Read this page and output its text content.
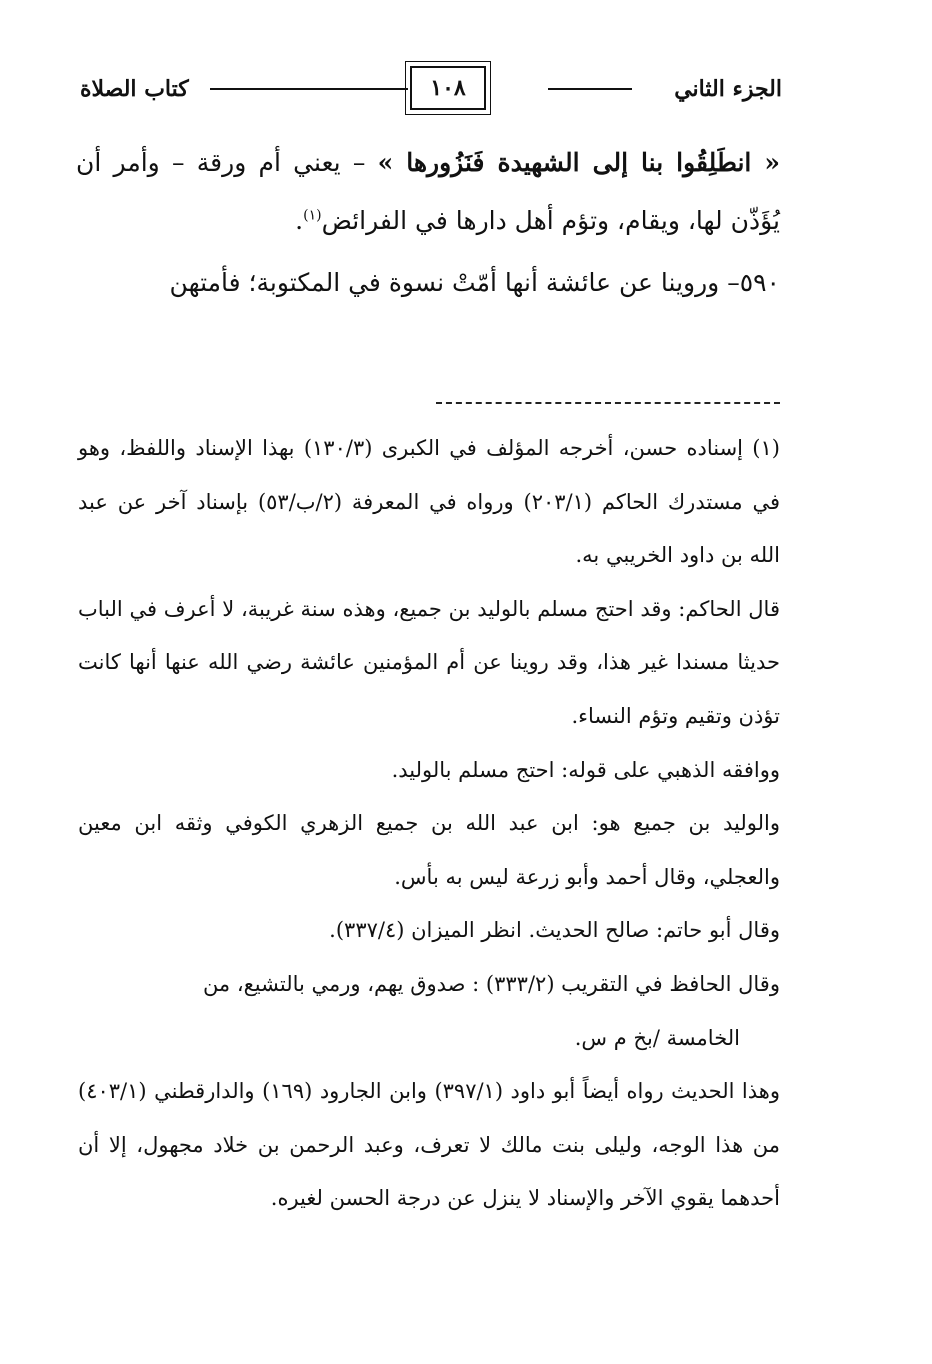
الجزء الثاني
١٠٨
كتاب الصلاة

« انطَلِقُوا بنا إلى الشهيدة فَنَزُورها » – يعني أم ورقة – وأمر أن يُؤَذّن لها، ويقام، وتؤم أهل دارها في الفرائض$^{(١)}$.

٥٩٠– وروينا عن عائشة أنها أمّتْ نسوة في المكتوبة؛ فأمتهن

(١) إسناده حسن، أخرجه المؤلف في الكبرى (١٣٠/٣) بهذا الإسناد واللفظ، وهو في مستدرك الحاكم (٢٠٣/١) ورواه في المعرفة (٢/ب/٥٣) بإسناد آخر عن عبد الله بن داود الخريبي به.

قال الحاكم: وقد احتج مسلم بالوليد بن جميع، وهذه سنة غريبة، لا أعرف في الباب حديثا مسندا غير هذا، وقد روينا عن أم المؤمنين عائشة رضي الله عنها أنها كانت تؤذن وتقيم وتؤم النساء.

ووافقه الذهبي على قوله: احتج مسلم بالوليد.

والوليد بن جميع هو: ابن عبد الله بن جميع الزهري الكوفي وثقه ابن معين والعجلي، وقال أحمد وأبو زرعة ليس به بأس.

وقال أبو حاتم: صالح الحديث. انظر الميزان (٣٣٧/٤).

وقال الحافظ في التقريب (٣٣٣/٢) : صدوق يهم، ورمي بالتشيع، من

الخامسة /بخ م س.

وهذا الحديث رواه أيضاً أبو داود (٣٩٧/١) وابن الجارود (١٦٩) والدارقطني (٤٠٣/١) من هذا الوجه، وليلى بنت مالك لا تعرف، وعبد الرحمن بن خلاد مجهول، إلا أن أحدهما يقوي الآخر والإسناد لا ينزل عن درجة الحسن لغيره.
